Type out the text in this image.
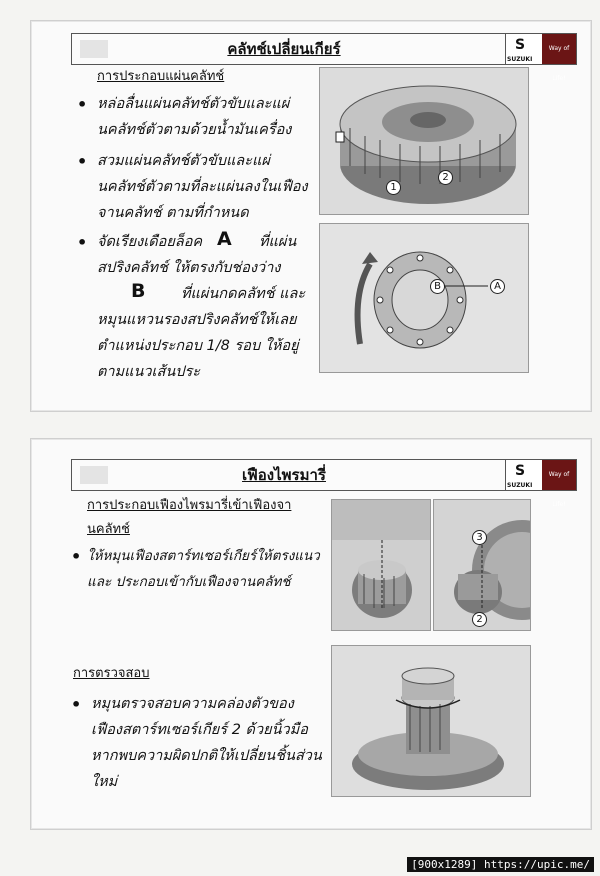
คลัทช์เปลี่ยนเกียร์	S
SUZUKI
Way of Life!
การประกอบแผ่นคลัทช์
• หล่อลื่นแผ่นคลัทช์ตัวขับและแผ่
นคลัทช์ตัวตามด้วยน้ำมันเครื่อง
• สวมแผ่นคลัทช์ตัวขับและแผ่
นคลัทช์ตัวตามที่ละแผ่นลงในเฟือง
จานคลัทช์ ตามที่กำหนด
• จัดเรียงเดือยล็อค A ที่แผ่น
สปริงคลัทช์ ให้ตรงกับช่องว่าง
B ที่แผ่นกดคลัทช์ และ
หมุนแหวนรองสปริงคลัทช์ให้เลย
ตำแหน่งประกอบ 1/8 รอบ ให้อยู่
ตามแนวเส้นประ
1
2
A
B
เฟืองไพรมารี่	S
SUZUKI
Way of Life!
การประกอบเฟืองไพรมารี่เข้าเฟืองจา
นคลัทช์
• ให้หมุนเฟืองสตาร์ทเซอร์เกียร์ให้ตรงแนว
และ ประกอบเข้ากับเฟืองจานคลัทช์
การตรวจสอบ
• หมุนตรวจสอบความคล่องตัวของ
เฟืองสตาร์ทเซอร์เกียร์ 2 ด้วยนิ้วมือ
หากพบความผิดปกติให้เปลี่ยนชิ้นส่วน
ใหม่
3
2
[900x1289] https://upic.me/
